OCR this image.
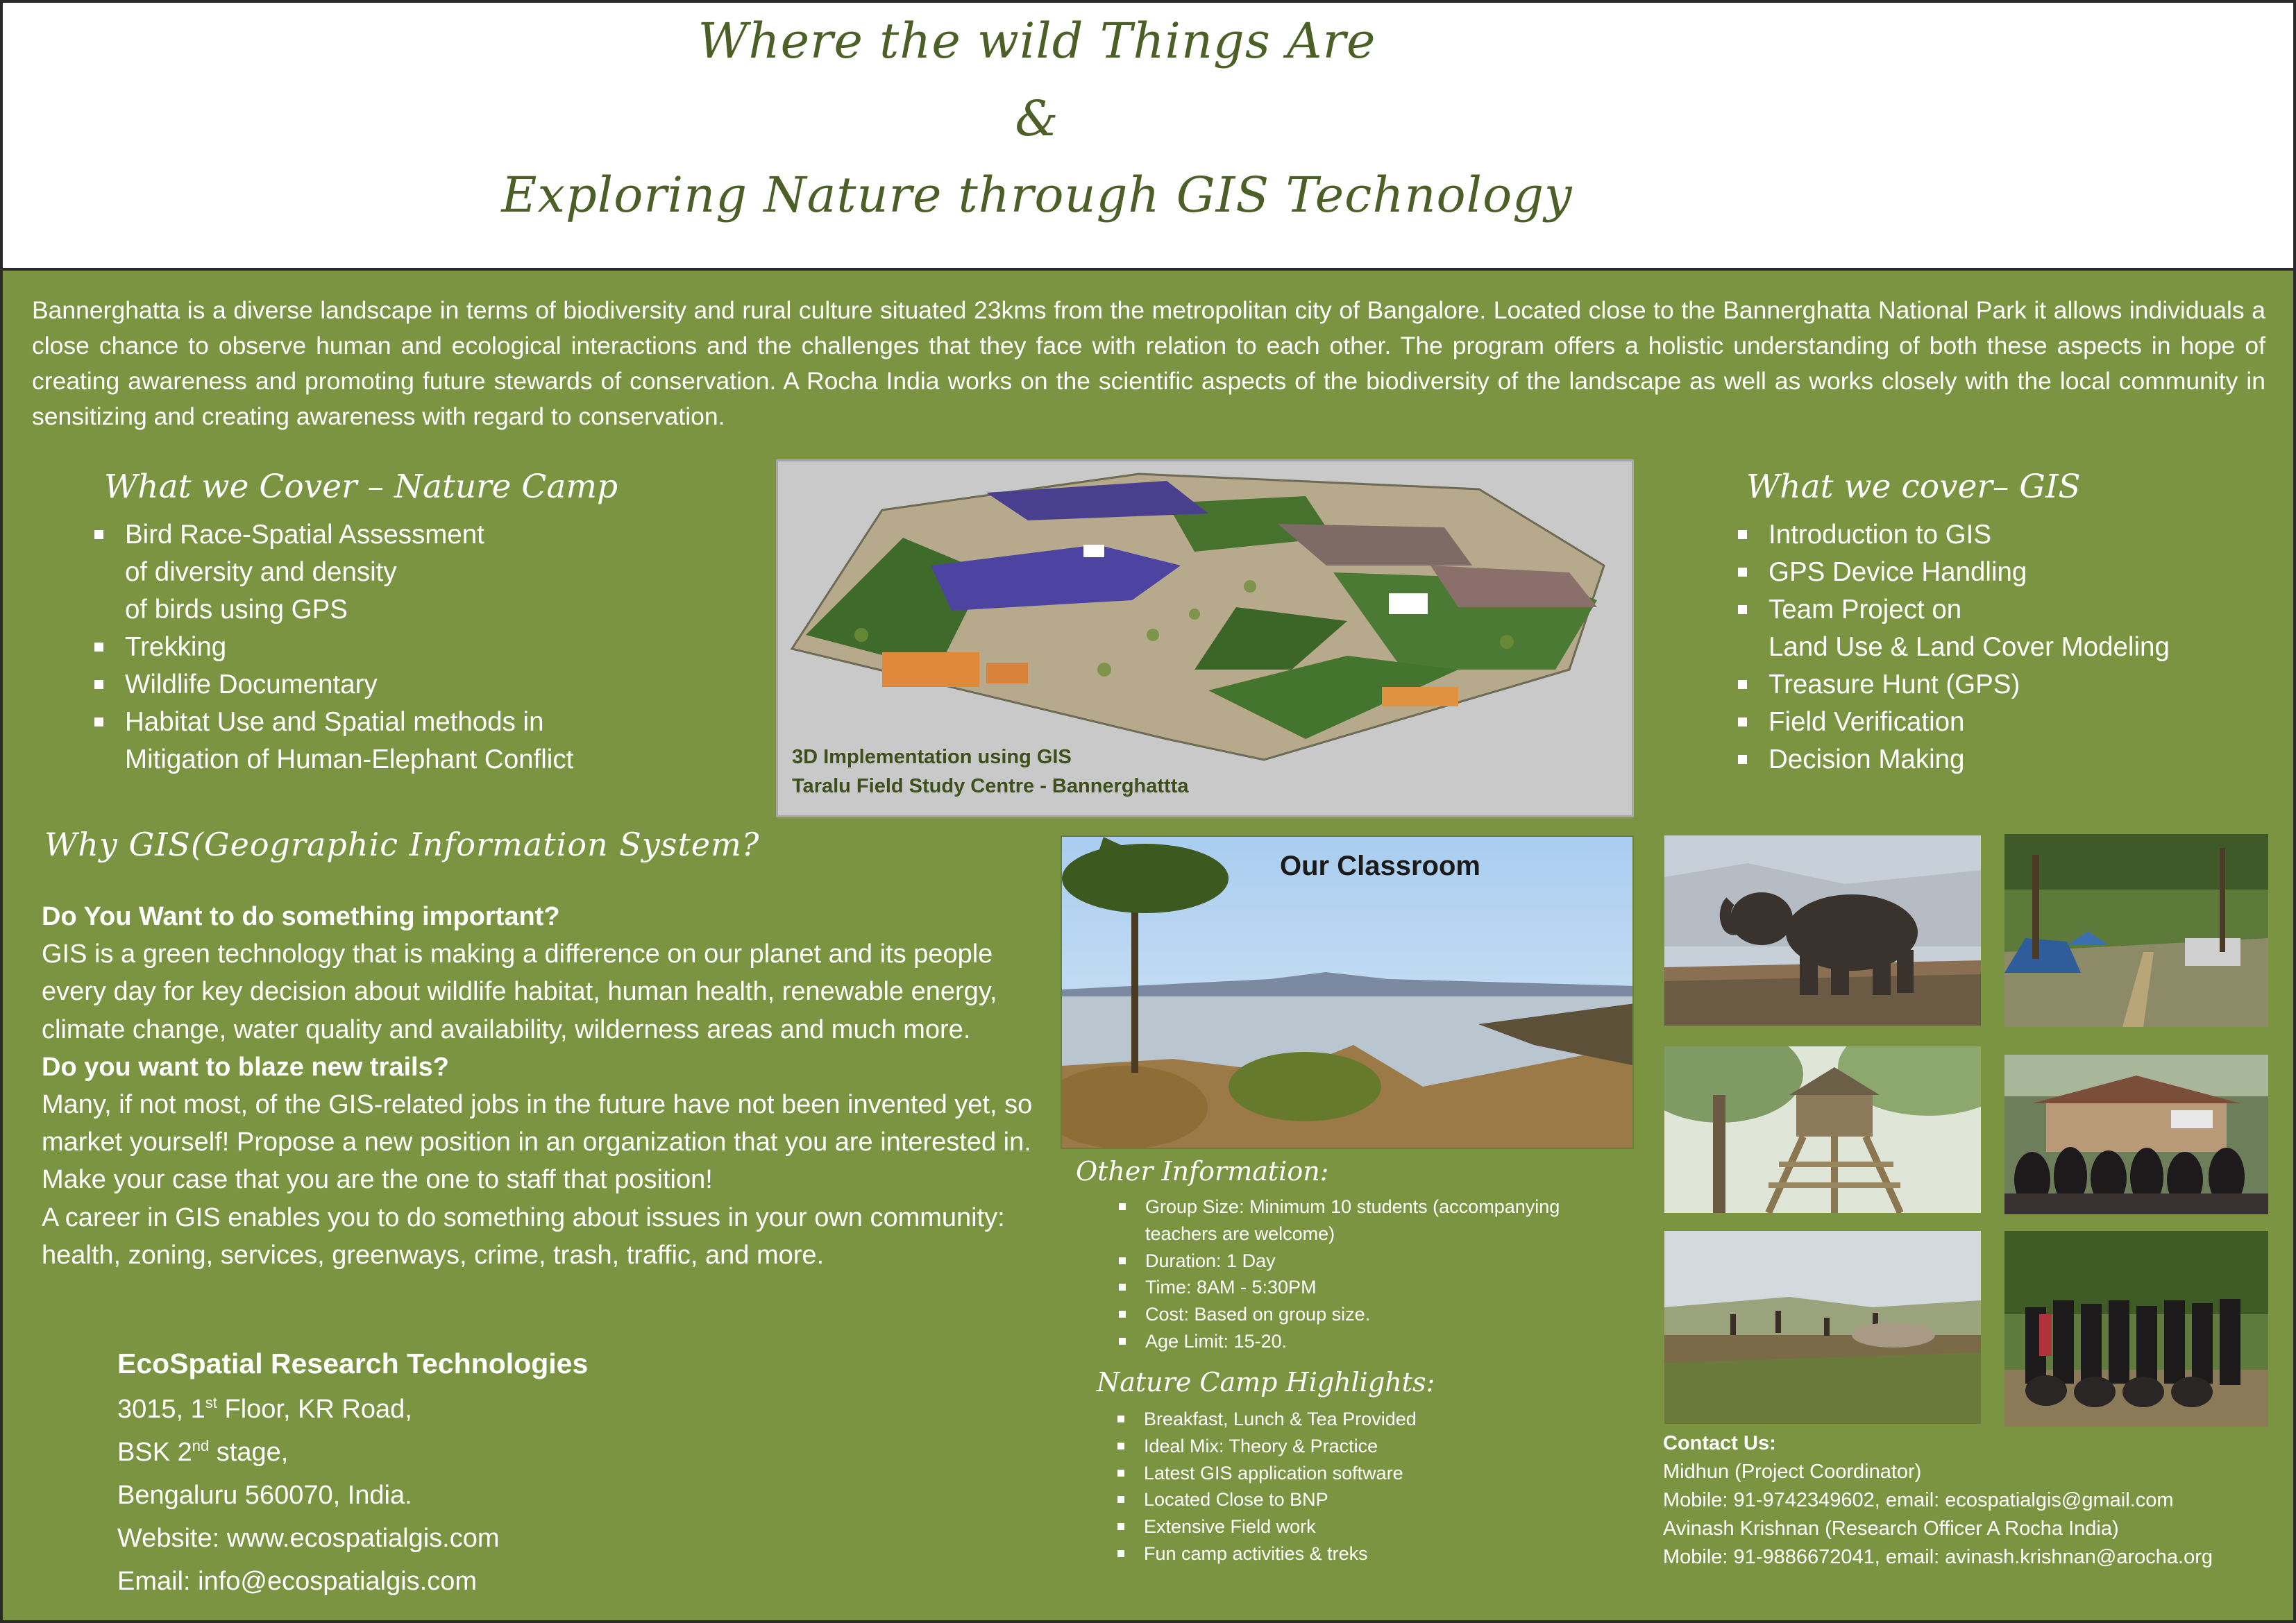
Where the wild Things Are
&
Exploring Nature through GIS Technology

Bannerghatta is a diverse landscape in terms of biodiversity and rural culture situated 23kms from the metropolitan city of Bangalore. Located close to the Bannerghatta National Park it allows individuals a close chance to observe human and ecological interactions and the challenges that they face with relation to each other. The program offers a holistic understanding of both these aspects in hope of creating awareness and promoting future stewards of conservation. A Rocha India works on the scientific aspects of the biodiversity of the landscape as well as works closely with the local community in sensitizing and creating awareness with regard to conservation.

What we Cover – Nature Camp
Bird Race-Spatial Assessment
of diversity and density
of birds using GPS
Trekking
Wildlife Documentary
Habitat Use and Spatial methods in
Mitigation of Human-Elephant Conflict	3D Implementation using GIS
Taralu Field Study Centre - Bannerghattta
What we cover– GIS
Introduction to GIS
GPS Device Handling
Team Project on
Land Use & Land Cover Modeling
Treasure Hunt (GPS)
Field Verification
Decision Making
Why GIS(Geographic Information System?
Do You Want to do something important?
GIS is a green technology that is making a difference on our planet and its people every day for key decision about wildlife habitat, human health, renewable energy, climate change, water quality and availability, wilderness areas and much more.
Do you want to blaze new trails?
Many, if not most, of the GIS-related jobs in the future have not been invented yet, so market yourself! Propose a new position in an organization that you are interested in. Make your case that you are the one to staff that position!
A career in GIS enables you to do something about issues in your own community: health, zoning, services, greenways, crime, trash, traffic, and more.
EcoSpatial Research Technologies
3015, 1st Floor, KR Road,
BSK 2nd stage,
Bengaluru 560070, India.
Website: www.ecospatialgis.com
Email: info@ecospatialgis.com
Our Classroom
Other Information:
Group Size: Minimum 10 students (accompanying
teachers are welcome)
Duration: 1 Day
Time: 8AM - 5:30PM
Cost: Based on group size.
Age Limit: 15-20.
Nature Camp Highlights:
Breakfast, Lunch & Tea Provided
Ideal Mix: Theory & Practice
Latest GIS application software
Located Close to BNP
Extensive Field work
Fun camp activities & treks
Contact Us:
Midhun (Project Coordinator)
Mobile: 91-9742349602, email: ecospatialgis@gmail.com
Avinash Krishnan (Research Officer A Rocha India)
Mobile: 91-9886672041, email: avinash.krishnan@arocha.org
